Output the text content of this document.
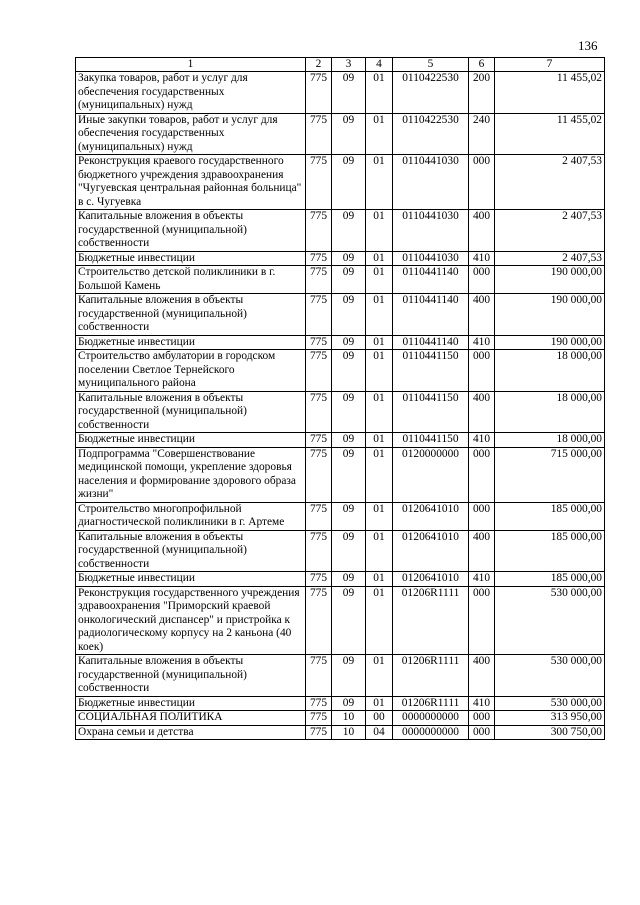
136
1	2	3	4	5	6	7
Закупка товаров, работ и услуг для обеспечения государственных (муниципальных) нужд	775	09	01	0110422530	200	11 455,02
Иные закупки товаров, работ и услуг для обеспечения государственных (муниципальных) нужд	775	09	01	0110422530	240	11 455,02
Реконструкция краевого государственного бюджетного учреждения здравоохранения "Чугуевская центральная районная больница" в с. Чугуевка	775	09	01	0110441030	000	2 407,53
Капитальные вложения в объекты государственной (муниципальной) собственности	775	09	01	0110441030	400	2 407,53
Бюджетные инвестиции	775	09	01	0110441030	410	2 407,53
Строительство детской поликлиники в г. Большой Камень	775	09	01	0110441140	000	190 000,00
Капитальные вложения в объекты государственной (муниципальной) собственности	775	09	01	0110441140	400	190 000,00
Бюджетные инвестиции	775	09	01	0110441140	410	190 000,00
Строительство амбулатории в городском поселении Светлое Тернейского муниципального района	775	09	01	0110441150	000	18 000,00
Капитальные вложения в объекты государственной (муниципальной) собственности	775	09	01	0110441150	400	18 000,00
Бюджетные инвестиции	775	09	01	0110441150	410	18 000,00
Подпрограмма "Совершенствование медицинской помощи, укрепление здоровья населения и формирование здорового образа жизни"	775	09	01	0120000000	000	715 000,00
Строительство многопрофильной диагностической поликлиники в г. Артеме	775	09	01	0120641010	000	185 000,00
Капитальные вложения в объекты государственной (муниципальной) собственности	775	09	01	0120641010	400	185 000,00
Бюджетные инвестиции	775	09	01	0120641010	410	185 000,00
Реконструкция государственного учреждения здравоохранения "Приморский краевой онкологический диспансер" и пристройка к радиологическому корпусу на 2 каньона (40 коек)	775	09	01	01206R1111	000	530 000,00
Капитальные вложения в объекты государственной (муниципальной) собственности	775	09	01	01206R1111	400	530 000,00
Бюджетные инвестиции	775	09	01	01206R1111	410	530 000,00
СОЦИАЛЬНАЯ ПОЛИТИКА	775	10	00	0000000000	000	313 950,00
Охрана семьи и детства	775	10	04	0000000000	000	300 750,00
